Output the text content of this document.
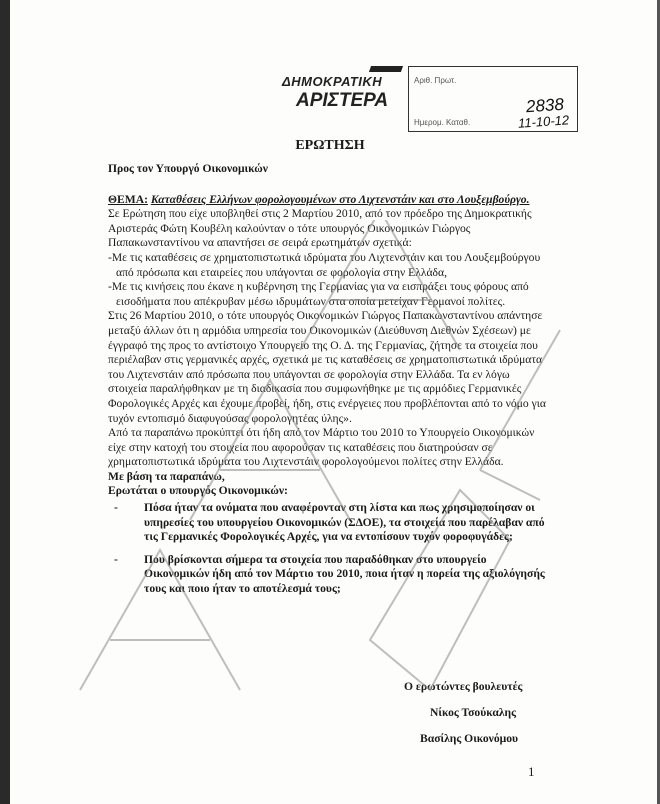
ΔΗΜΟΚΡΑΤΙΚΗ
ΑΡΙΣΤΕΡΑ
Αριθ. Πρωτ.
Ημερομ. Καταθ.
2838
11-10-12
ΕΡΩΤΗΣΗ

Προς τον Υπουργό Οικονομικών

ΘΕΜΑ: Καταθέσεις Ελλήνων φορολογουμένων στο Λιχτενστάιν και στο Λουξεμβούργο.

Σε Ερώτηση που είχε υποβληθεί στις 2 Μαρτίου 2010, από τον πρόεδρο της Δημοκρατικής Αριστεράς Φώτη Κουβέλη καλούνταν ο τότε υπουργός Οικονομικών Γιώργος Παπακωνσταντίνου να απαντήσει σε σειρά ερωτημάτων σχετικά:

-Με τις καταθέσεις σε χρηματοπιστωτικά ιδρύματα του Λιχτενστάιν και του Λουξεμβούργου από πρόσωπα και εταιρείες που υπάγονται σε φορολογία στην Ελλάδα,

-Με τις κινήσεις που έκανε η κυβέρνηση της Γερμανίας για να εισπράξει τους φόρους από εισοδήματα που απέκρυβαν μέσω ιδρυμάτων στα οποία μετείχαν Γερμανοί πολίτες.

Στις 26 Μαρτίου 2010, ο τότε υπουργός Οικονομικών Γιώργος Παπακωνσταντίνου απάντησε μεταξύ άλλων ότι η αρμόδια υπηρεσία του Οικονομικών (Διεύθυνση Διεθνών Σχέσεων) με έγγραφό της προς το αντίστοιχο Υπουργείο της Ο. Δ. της Γερμανίας, ζήτησε τα στοιχεία που περιέλαβαν στις γερμανικές αρχές, σχετικά με τις καταθέσεις σε χρηματοπιστωτικά ιδρύματα του Λιχτενστάιν από πρόσωπα που υπάγονται σε φορολογία στην Ελλάδα. Τα εν λόγω στοιχεία παραλήφθηκαν με τη διαδικασία που συμφωνήθηκε με τις αρμόδιες Γερμανικές Φορολογικές Αρχές και έχουμε προβεί, ήδη, στις ενέργειες που προβλέπονται από το νόμο για τυχόν εντοπισμό διαφυγούσας φορολογητέας ύλης».

Από τα παραπάνω προκύπτει ότι ήδη από τον Μάρτιο του 2010 το Υπουργείο Οικονομικών είχε στην κατοχή του στοιχεία που αφορούσαν τις καταθέσεις που διατηρούσαν σε χρηματοπιστωτικά ιδρύματα του Λιχτενστάιν φορολογούμενοι πολίτες στην Ελλάδα.

Με βάση τα παραπάνω,

Ερωτάται ο υπουργός Οικονομικών:

- Πόσα ήταν τα ονόματα που αναφέρονταν στη λίστα και πως χρησιμοποίησαν οι υπηρεσίες του υπουργείου Οικονομικών (ΣΔΟΕ), τα στοιχεία που παρέλαβαν από τις Γερμανικές Φορολογικές Αρχές, για να εντοπίσουν τυχόν φοροφυγάδες;

- Που βρίσκονται σήμερα τα στοιχεία που παραδόθηκαν στο υπουργείο Οικονομικών ήδη από τον Μάρτιο του 2010, ποια ήταν η πορεία της αξιολόγησής τους και ποιο ήταν το αποτέλεσμά τους;

Ο ερωτώντες βουλευτές
Νίκος Τσούκαλης
Βασίλης Οικονόμου
1
